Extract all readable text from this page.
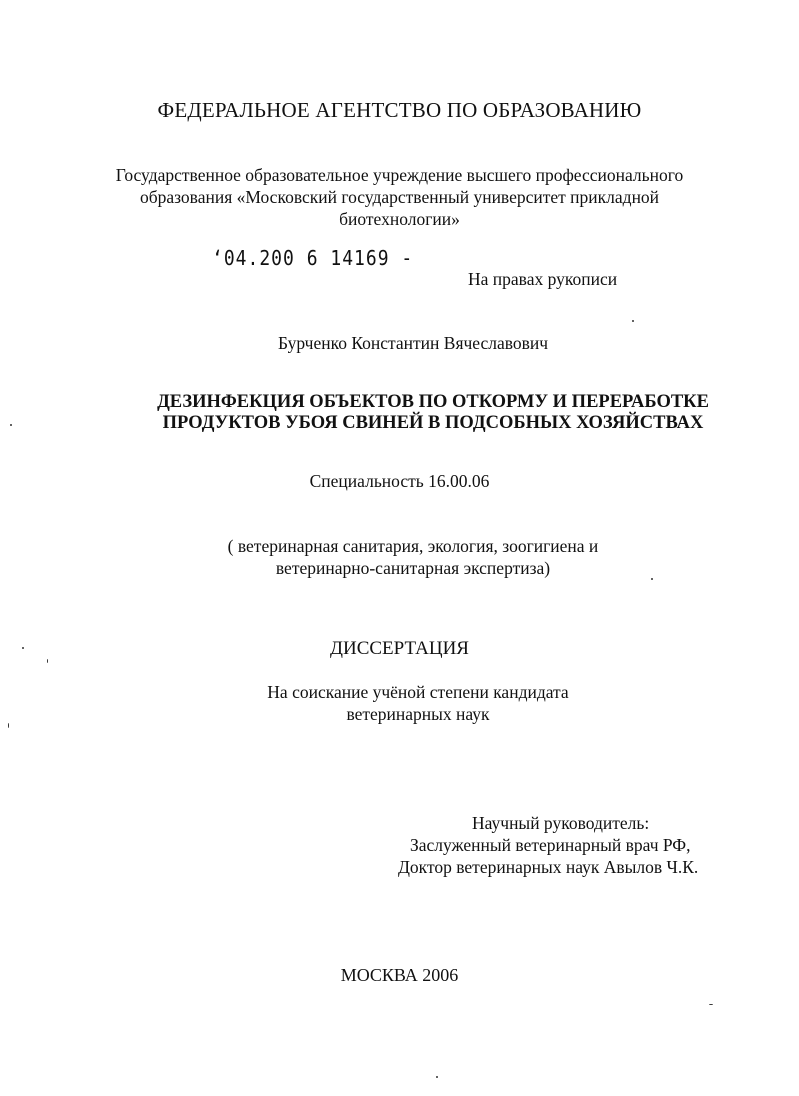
ФЕДЕРАЛЬНОЕ АГЕНТСТВО ПО ОБРАЗОВАНИЮ
Государственное образовательное учреждение высшего профессионального
образования «Московский государственный университет прикладной
биотехнологии»
ʻ04.200 6 14169 -
На правах рукописи
Бурченко Константин Вячеславович
ДЕЗИНФЕКЦИЯ ОБЪЕКТОВ ПО ОТКОРМУ И ПЕРЕРАБОТКЕ
ПРОДУКТОВ УБОЯ СВИНЕЙ В ПОДСОБНЫХ ХОЗЯЙСТВАХ
Специальность 16.00.06
( ветеринарная санитария, экология, зоогигиена и
ветеринарно-санитарная экспертиза)
ДИССЕРТАЦИЯ
На соискание учёной степени кандидата
ветеринарных наук
Научный руководитель:
Заслуженный ветеринарный врач РФ,
Доктор ветеринарных наук Авылов Ч.К.
МОСКВА 2006
